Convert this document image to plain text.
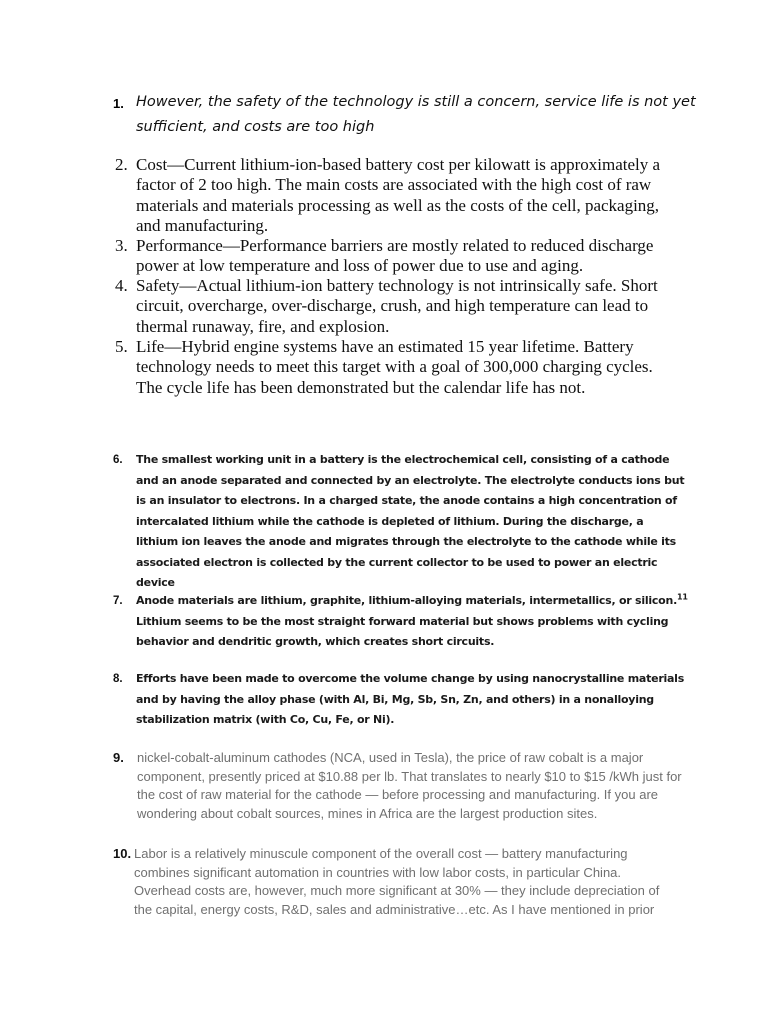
1. However, the safety of the technology is still a concern, service life is not yet sufficient, and costs are too high
2. Cost—Current lithium-ion-based battery cost per kilowatt is approximately a factor of 2 too high. The main costs are associated with the high cost of raw materials and materials processing as well as the costs of the cell, packaging, and manufacturing.
3. Performance—Performance barriers are mostly related to reduced discharge power at low temperature and loss of power due to use and aging.
4. Safety—Actual lithium-ion battery technology is not intrinsically safe. Short circuit, overcharge, over-discharge, crush, and high temperature can lead to thermal runaway, fire, and explosion.
5. Life—Hybrid engine systems have an estimated 15 year lifetime. Battery technology needs to meet this target with a goal of 300,000 charging cycles. The cycle life has been demonstrated but the calendar life has not.
6. The smallest working unit in a battery is the electrochemical cell, consisting of a cathode and an anode separated and connected by an electrolyte. The electrolyte conducts ions but is an insulator to electrons. In a charged state, the anode contains a high concentration of intercalated lithium while the cathode is depleted of lithium. During the discharge, a lithium ion leaves the anode and migrates through the electrolyte to the cathode while its associated electron is collected by the current collector to be used to power an electric device
7. Anode materials are lithium, graphite, lithium-alloying materials, intermetallics, or silicon.$^{11}$ Lithium seems to be the most straight forward material but shows problems with cycling behavior and dendritic growth, which creates short circuits.
8. Efforts have been made to overcome the volume change by using nanocrystalline materials and by having the alloy phase (with Al, Bi, Mg, Sb, Sn, Zn, and others) in a nonalloying stabilization matrix (with Co, Cu, Fe, or Ni).
9. nickel-cobalt-aluminum cathodes (NCA, used in Tesla), the price of raw cobalt is a major component, presently priced at $10.88 per lb. That translates to nearly $10 to $15 /kWh just for the cost of raw material for the cathode — before processing and manufacturing. If you are wondering about cobalt sources, mines in Africa are the largest production sites.
10. Labor is a relatively minuscule component of the overall cost — battery manufacturing combines significant automation in countries with low labor costs, in particular China. Overhead costs are, however, much more significant at 30% — they include depreciation of the capital, energy costs, R&D, sales and administrative…etc. As I have mentioned in prior
